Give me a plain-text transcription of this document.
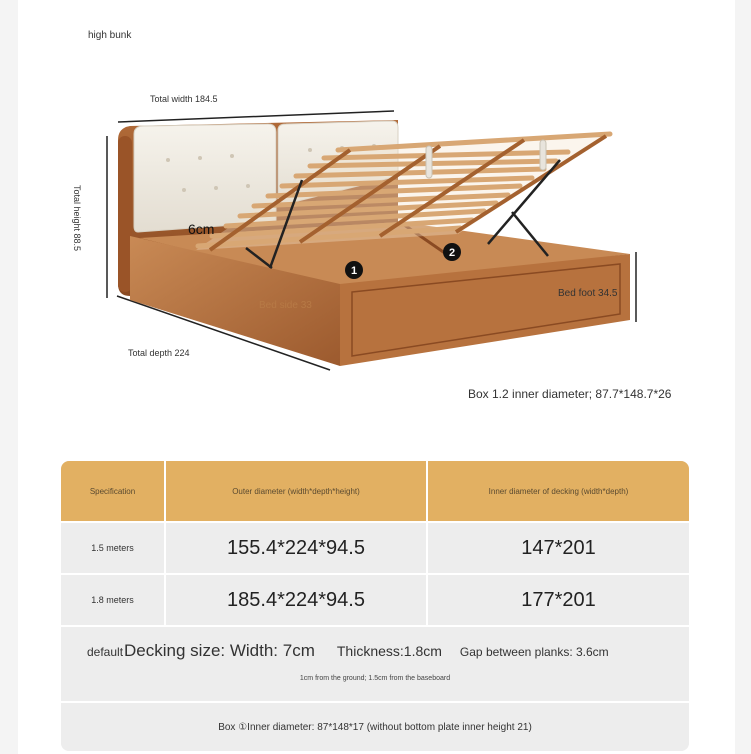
high bunk
1
2
Total width 184.5
Total height 88.5
Total depth 224
6cm
Bed side 33
Bed foot 34.5
Box 1.2 inner diameter; 87.7*148.7*26
Specification	Outer diameter (width*depth*height)	Inner diameter of decking (width*depth)
1.5 meters	155.4*224*94.5	147*201
1.8 meters	185.4*224*94.5	177*201
default Decking size: Width: 7cm Thickness:1.8cm Gap between planks: 3.6cm
1cm from the ground; 1.5cm from the baseboard
Box ①Inner diameter: 87*148*17 (without bottom plate inner height 21)
